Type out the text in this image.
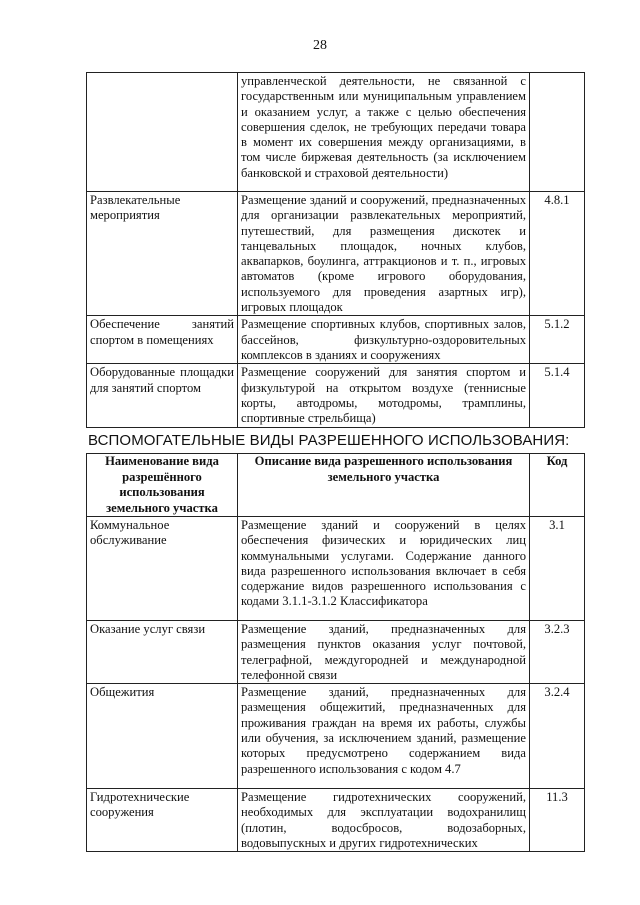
28
	управленческой деятельности, не связанной с государственным или муниципальным управлением и оказанием услуг, а также с целью обеспечения совершения сделок, не требующих передачи товара в момент их совершения между организациями, в том числе биржевая деятельность (за исключением банковской и страховой деятельности)	
Развлекательные мероприятия	Размещение зданий и сооружений, предназначенных для организации развлекательных мероприятий, путешествий, для размещения дискотек и танцевальных площадок, ночных клубов, аквапарков, боулинга, аттракционов и т. п., игровых автоматов (кроме игрового оборудования, используемого для проведения азартных игр), игровых площадок	4.8.1
Обеспечение занятий спортом в помещениях	Размещение спортивных клубов, спортивных залов, бассейнов, физкультурно-оздоровительных комплексов в зданиях и сооружениях	5.1.2
Оборудованные площадки для занятий спортом	Размещение сооружений для занятия спортом и физкультурой на открытом воздухе (теннисные корты, автодромы, мотодромы, трамплины, спортивные стрельбища)	5.1.4
ВСПОМОГАТЕЛЬНЫЕ ВИДЫ РАЗРЕШЕННОГО ИСПОЛЬЗОВАНИЯ:
Наименование вида разрешённого использования земельного участка	Описание вида разрешенного использования земельного участка	Код
Коммунальное обслуживание	Размещение зданий и сооружений в целях обеспечения физических и юридических лиц коммунальными услугами. Содержание данного вида разрешенного использования включает в себя содержание видов разрешенного использования с кодами 3.1.1-3.1.2 Классификатора	3.1
Оказание услуг связи	Размещение зданий, предназначенных для размещения пунктов оказания услуг почтовой, телеграфной, междугородней и международной телефонной связи	3.2.3
Общежития	Размещение зданий, предназначенных для размещения общежитий, предназначенных для проживания граждан на время их работы, службы или обучения, за исключением зданий, размещение которых предусмотрено содержанием вида разрешенного использования с кодом 4.7	3.2.4
Гидротехнические сооружения	Размещение гидротехнических сооружений, необходимых для эксплуатации водохранилищ (плотин, водосбросов, водозаборных, водовыпускных и других гидротехнических	11.3
